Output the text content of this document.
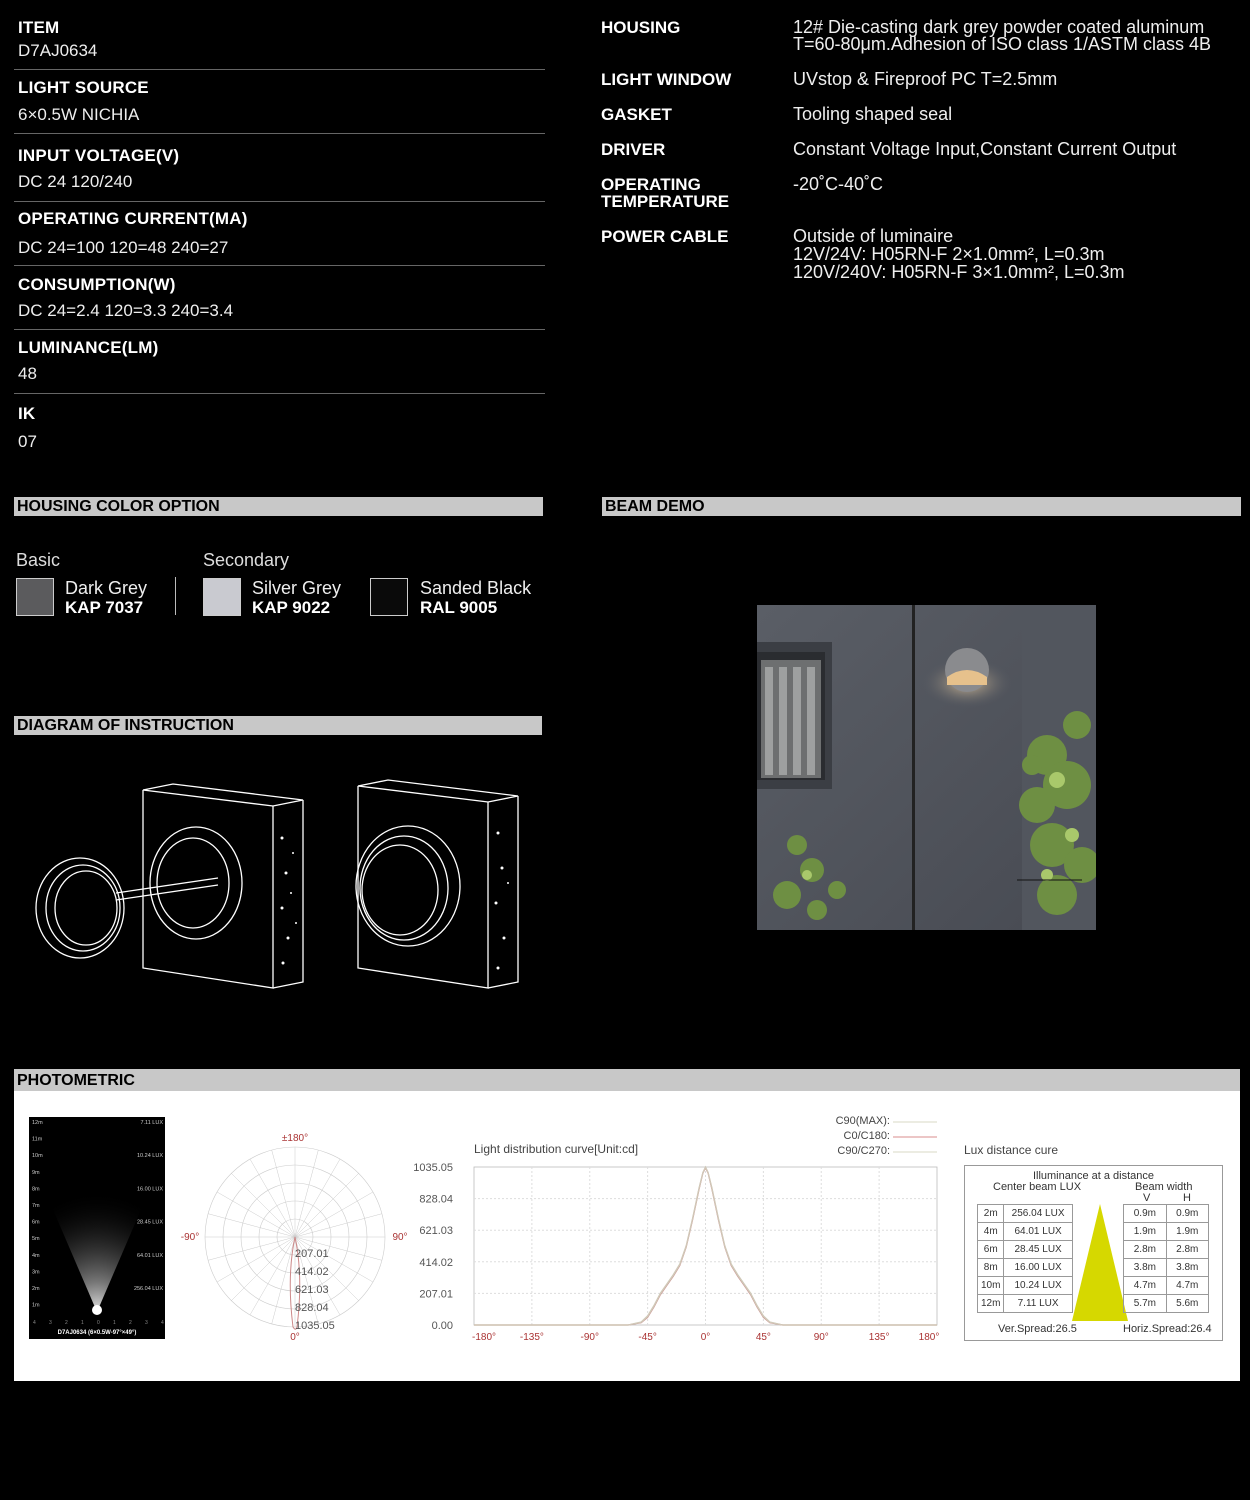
ITEM
D7AJ0634
LIGHT SOURCE
6×0.5W NICHIA
INPUT VOLTAGE(V)
DC 24 120/240
OPERATING CURRENT(MA)
DC 24=100 120=48 240=27
CONSUMPTION(W)
DC 24=2.4 120=3.3 240=3.4
LUMINANCE(LM)
48
IK
07
HOUSING	12# Die-casting dark grey powder coated aluminum
T=60-80μm.Adhesion of ISO class 1/ASTM class 4B
LIGHT WINDOW	UVstop & Fireproof PC T=2.5mm
GASKET	Tooling shaped seal
DRIVER	Constant Voltage Input,Constant Current Output
OPERATING
TEMPERATURE
-20˚C-40˚C
POWER CABLE	Outside of luminaire
12V/24V: H05RN-F 2×1.0mm², L=0.3m
120V/240V: H05RN-F 3×1.0mm², L=0.3m
HOUSING COLOR OPTION	BEAM DEMO
DIAGRAM OF INSTRUCTION
PHOTOMETRIC
Basic	Secondary
Dark Grey
KAP 7037
Silver Grey
KAP 9022
Sanded Black
RAL 9005
12m
11m
10m
9m
8m
7m
6m
5m
4m
3m
2m
1m
7.11 LUX
10.24 LUX
16.00 LUX
28.45 LUX
64.01 LUX
256.04 LUX
4	3	2	1	0	1	2	3	4
D7AJ0634 (6×0.5W-97°×49°)
±180°
-90°	90°
0°
207.01
414.02
621.03
828.04
1035.05
Light distribution curve[Unit:cd]
C90(MAX):
C0/C180:
C90/C270:
0.00
207.01
414.02
621.03
828.04
1035.05
-180° -135°	-90°	-45°	0°	45°	90°	135°	180°
Lux distance cure
Illuminance at a distance
Center beam LUX	Beam width
V	H
2m	256.04 LUX		0.9m	0.9m
4m	64.01 LUX		1.9m	1.9m
6m	28.45 LUX		2.8m	2.8m
8m	16.00 LUX		3.8m	3.8m
10m	10.24 LUX		4.7m	4.7m
12m	7.11 LUX		5.7m	5.6m
Ver.Spread:26.5	Horiz.Spread:26.4
